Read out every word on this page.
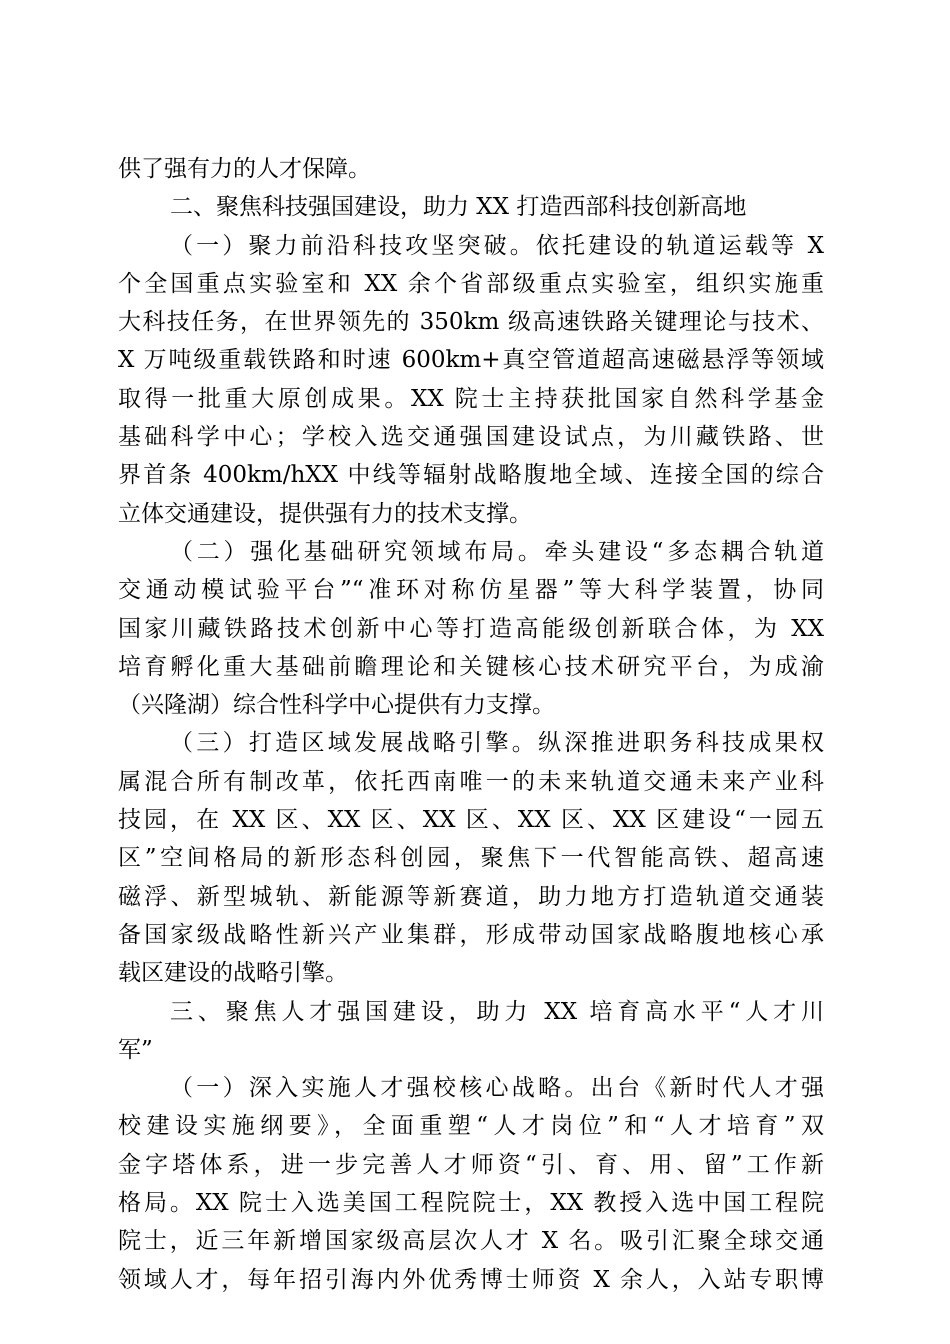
供了强有力的人才保障。
二、聚焦科技强国建设，助力 XX 打造西部科技创新高地
（一）聚力前沿科技攻坚突破。依托建设的轨道运载等 X
个全国重点实验室和 XX 余个省部级重点实验室，组织实施重
大科技任务，在世界领先的 350km 级高速铁路关键理论与技术、
X 万吨级重载铁路和时速 600km+真空管道超高速磁悬浮等领域
取得一批重大原创成果。XX 院士主持获批国家自然科学基金
基础科学中心；学校入选交通强国建设试点，为川藏铁路、世
界首条 400km/hXX 中线等辐射战略腹地全域、连接全国的综合
立体交通建设，提供强有力的技术支撑。
（二）强化基础研究领域布局。牵头建设“多态耦合轨道
交通动模试验平台”“准环对称仿星器”等大科学装置，协同
国家川藏铁路技术创新中心等打造高能级创新联合体，为 XX
培育孵化重大基础前瞻理论和关键核心技术研究平台，为成渝
（兴隆湖）综合性科学中心提供有力支撑。
（三）打造区域发展战略引擎。纵深推进职务科技成果权
属混合所有制改革，依托西南唯一的未来轨道交通未来产业科
技园，在 XX 区、XX 区、XX 区、XX 区、XX 区建设“一园五
区”空间格局的新形态科创园，聚焦下一代智能高铁、超高速
磁浮、新型城轨、新能源等新赛道，助力地方打造轨道交通装
备国家级战略性新兴产业集群，形成带动国家战略腹地核心承
载区建设的战略引擎。
三、聚焦人才强国建设，助力 XX 培育高水平“人才川
军”
（一）深入实施人才强校核心战略。出台《新时代人才强
校建设实施纲要》，全面重塑“人才岗位”和“人才培育”双
金字塔体系，进一步完善人才师资“引、育、用、留”工作新
格局。XX 院士入选美国工程院院士，XX 教授入选中国工程院
院士，近三年新增国家级高层次人才 X 名。吸引汇聚全球交通
领域人才，每年招引海内外优秀博士师资 X 余人，入站专职博
